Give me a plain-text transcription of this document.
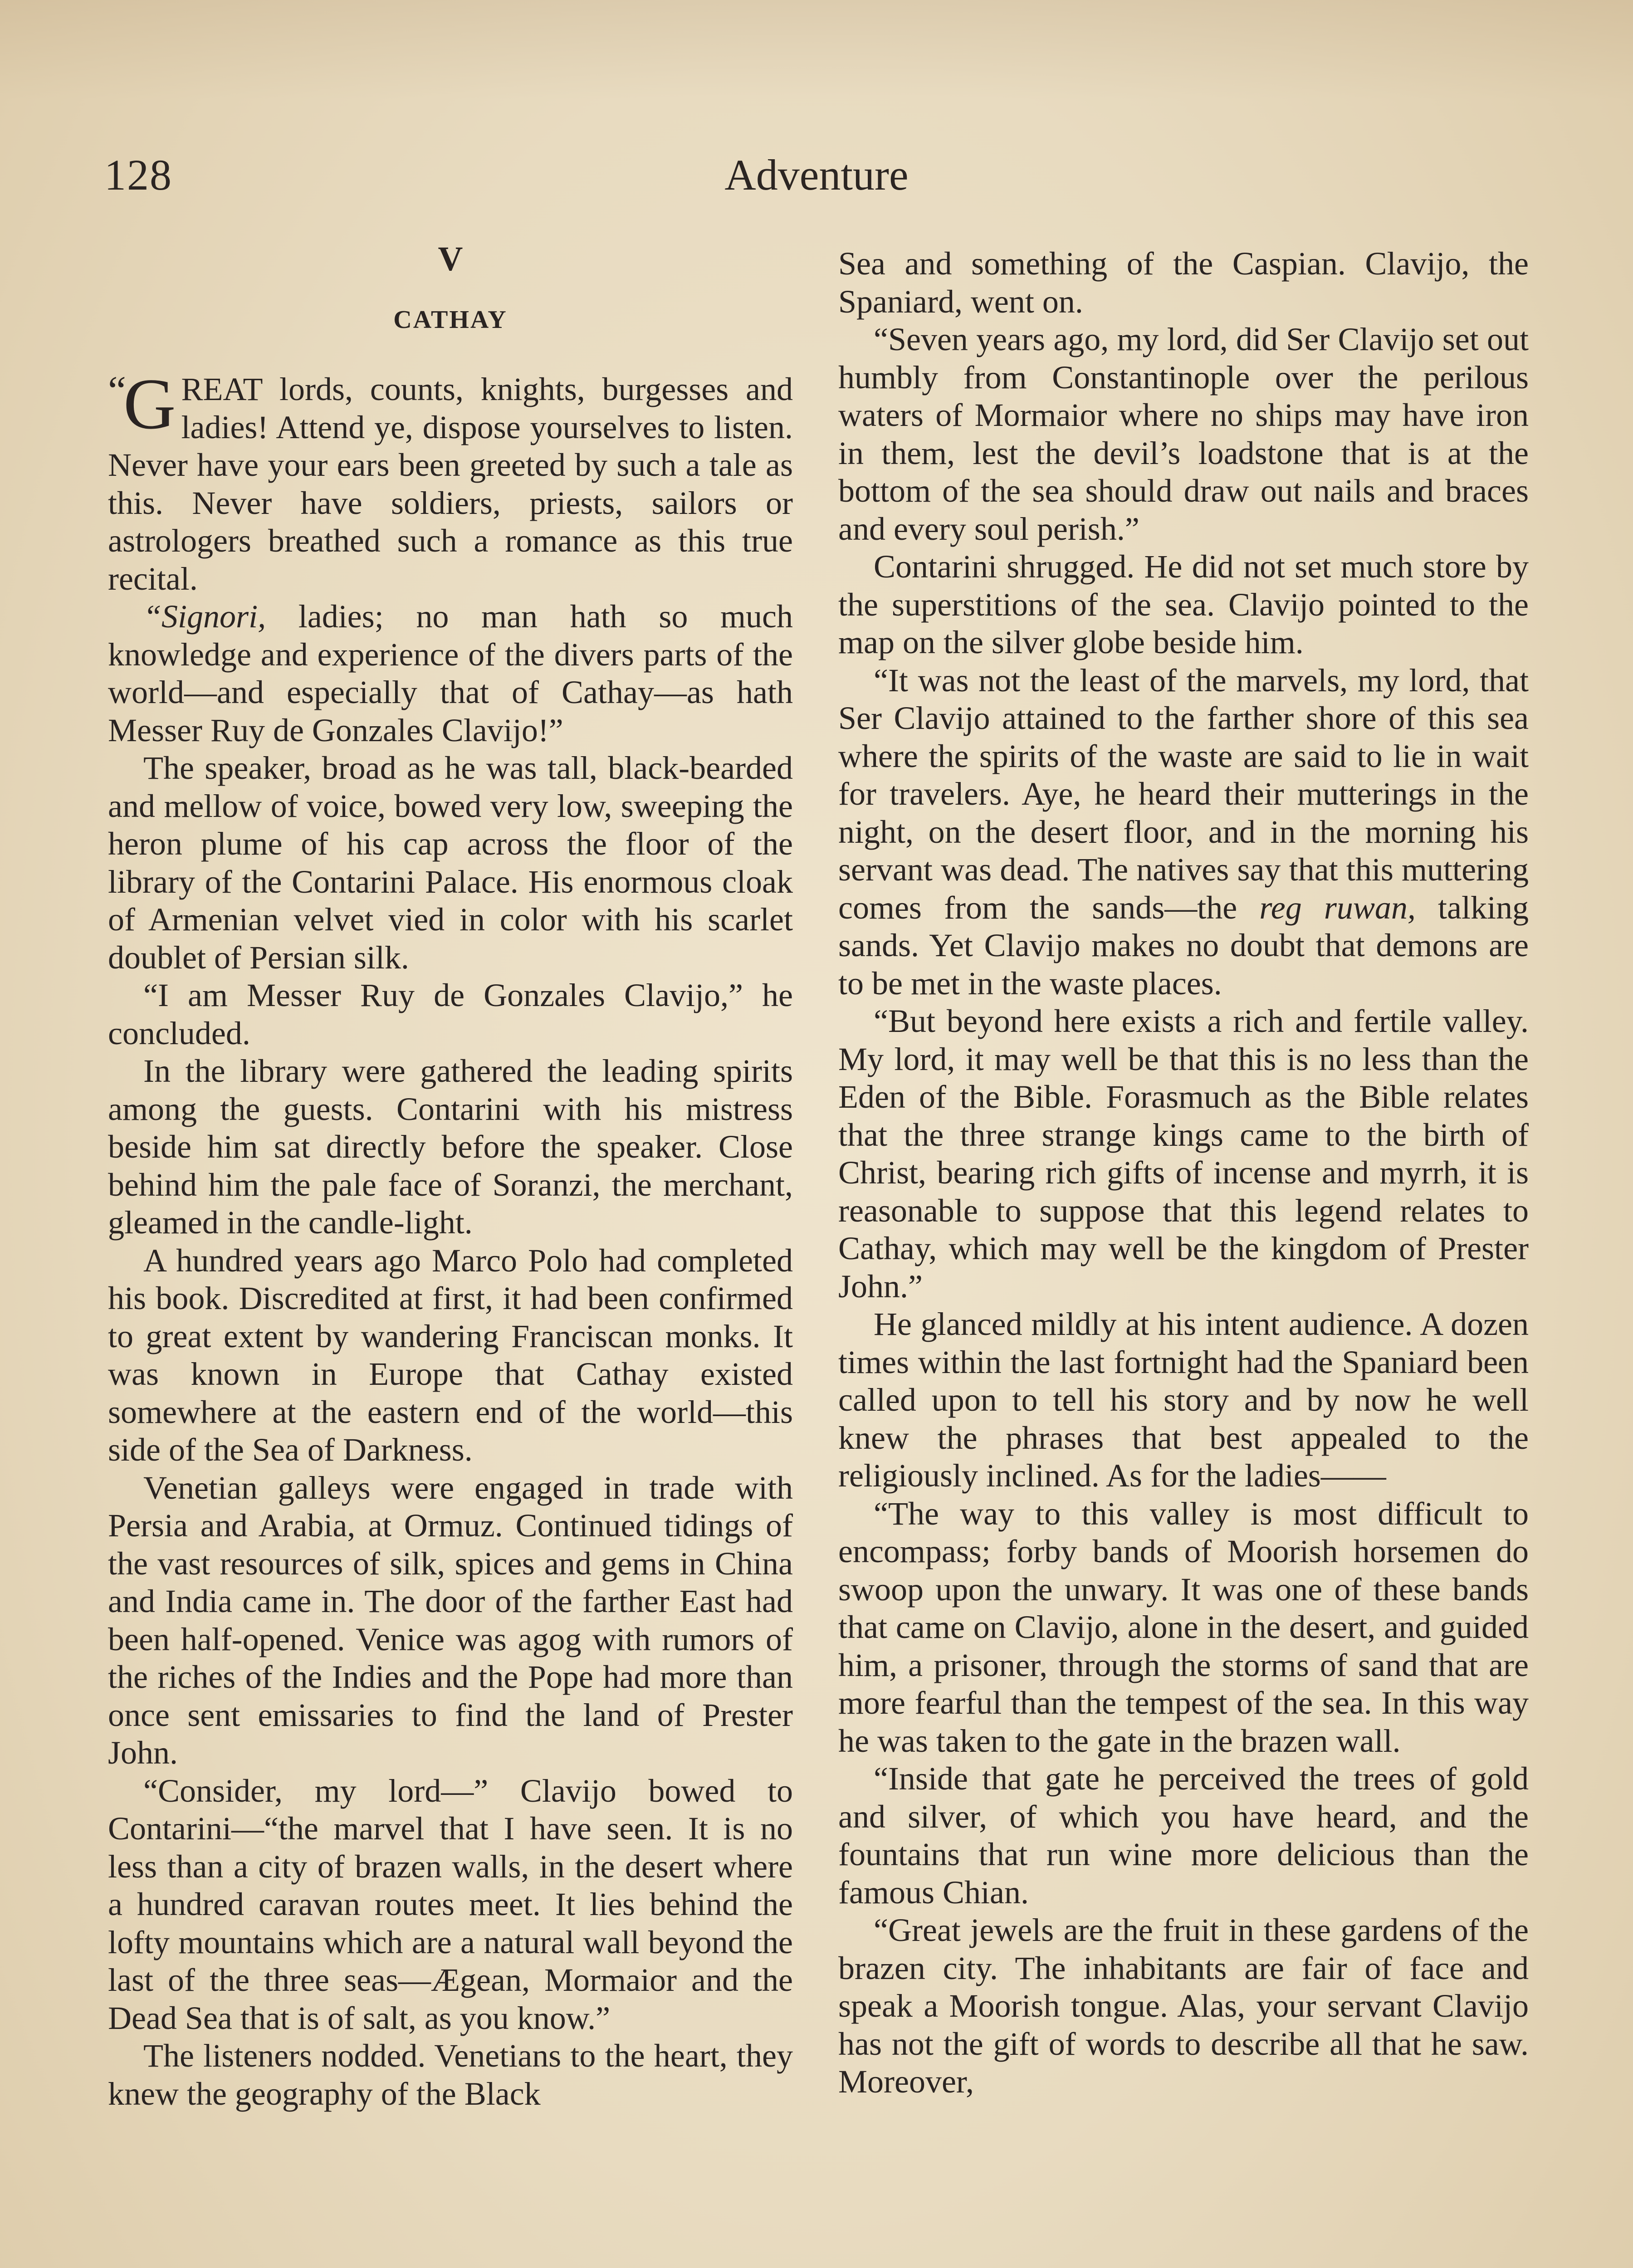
128	Adventure
V
CATHAY

“
G REAT lords, counts, knights, burgesses and ladies! Attend ye, dispose yourselves to listen. Never have your ears been greeted by such a tale as this. Never have soldiers, priests, sailors or astrologers breathed such a romance as this true recital.

“Signori, ladies; no man hath so much knowledge and experience of the divers parts of the world—and especially that of Cathay—as hath Messer Ruy de Gonzales Clavijo!”

The speaker, broad as he was tall, black-bearded and mellow of voice, bowed very low, sweeping the heron plume of his cap across the floor of the library of the Contarini Palace. His enormous cloak of Armenian velvet vied in color with his scarlet doublet of Persian silk.

“I am Messer Ruy de Gonzales Clavijo,” he concluded.

In the library were gathered the leading spirits among the guests. Contarini with his mistress beside him sat directly before the speaker. Close behind him the pale face of Soranzi, the merchant, gleamed in the candle-light.

A hundred years ago Marco Polo had completed his book. Discredited at first, it had been confirmed to great extent by wandering Franciscan monks. It was known in Europe that Cathay existed somewhere at the eastern end of the world—this side of the Sea of Darkness.

Venetian galleys were engaged in trade with Persia and Arabia, at Ormuz. Continued tidings of the vast resources of silk, spices and gems in China and India came in. The door of the farther East had been half-opened. Venice was agog with rumors of the riches of the Indies and the Pope had more than once sent emissaries to find the land of Prester John.

“Consider, my lord—” Clavijo bowed to Contarini—“the marvel that I have seen. It is no less than a city of brazen walls, in the desert where a hundred caravan routes meet. It lies behind the lofty mountains which are a natural wall beyond the last of the three seas—Ægean, Mormaior and the Dead Sea that is of salt, as you know.”

The listeners nodded. Venetians to the heart, they knew the geography of the Black

Sea and something of the Caspian. Clavijo, the Spaniard, went on.

“Seven years ago, my lord, did Ser Clavijo set out humbly from Constantinople over the perilous waters of Mormaior where no ships may have iron in them, lest the devil’s loadstone that is at the bottom of the sea should draw out nails and braces and every soul perish.”

Contarini shrugged. He did not set much store by the superstitions of the sea. Clavijo pointed to the map on the silver globe beside him.

“It was not the least of the marvels, my lord, that Ser Clavijo attained to the farther shore of this sea where the spirits of the waste are said to lie in wait for travelers. Aye, he heard their mutterings in the night, on the desert floor, and in the morning his servant was dead. The natives say that this muttering comes from the sands—the reg ruwan, talking sands. Yet Clavijo makes no doubt that demons are to be met in the waste places.

“But beyond here exists a rich and fertile valley. My lord, it may well be that this is no less than the Eden of the Bible. Forasmuch as the Bible relates that the three strange kings came to the birth of Christ, bearing rich gifts of incense and myrrh, it is reasonable to suppose that this legend relates to Cathay, which may well be the kingdom of Prester John.”

He glanced mildly at his intent audience. A dozen times within the last fortnight had the Spaniard been called upon to tell his story and by now he well knew the phrases that best appealed to the religiously inclined. As for the ladies——

“The way to this valley is most difficult to encompass; forby bands of Moorish horsemen do swoop upon the unwary. It was one of these bands that came on Clavijo, alone in the desert, and guided him, a prisoner, through the storms of sand that are more fearful than the tempest of the sea. In this way he was taken to the gate in the brazen wall.

“Inside that gate he perceived the trees of gold and silver, of which you have heard, and the fountains that run wine more delicious than the famous Chian.

“Great jewels are the fruit in these gardens of the brazen city. The inhabitants are fair of face and speak a Moorish tongue. Alas, your servant Clavijo has not the gift of words to describe all that he saw. Moreover,
